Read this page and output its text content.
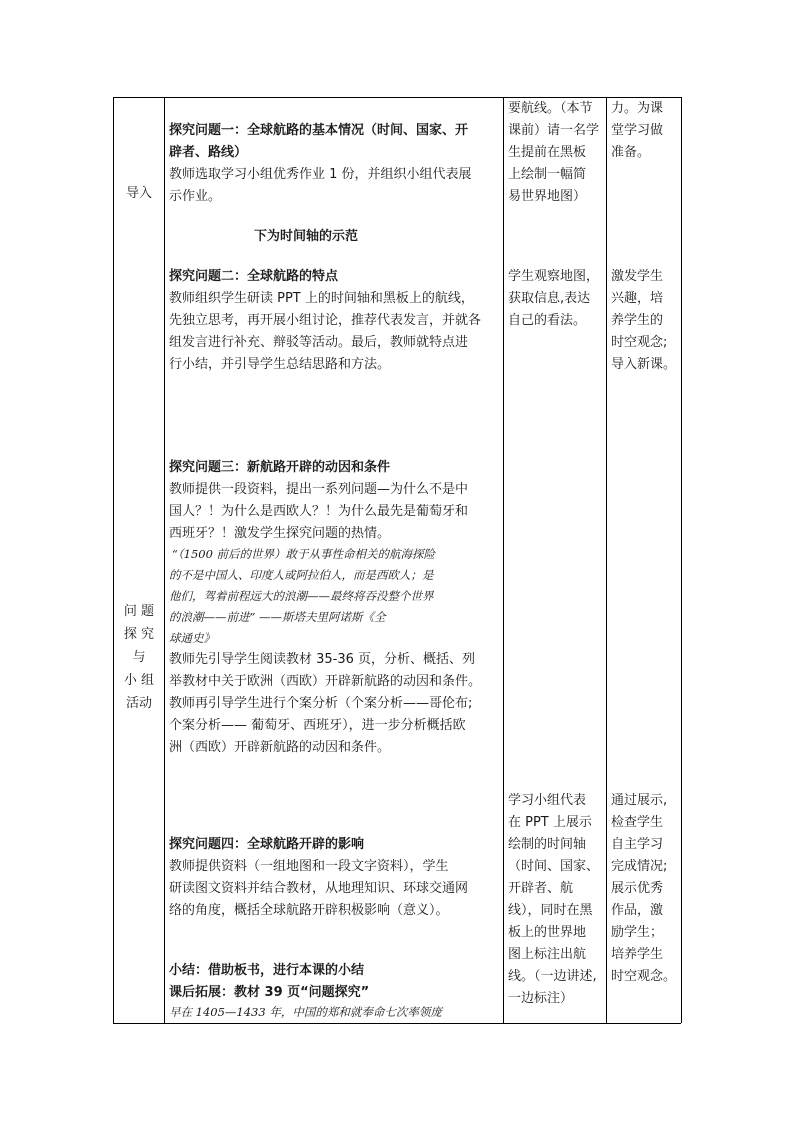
导入
问 题
探 究
与
小 组
活动
探究问题一：全球航路的基本情况（时间、国家、开
辟者、路线）
教师选取学习小组优秀作业 1 份，并组织小组代表展
示作业。
下为时间轴的示范
探究问题二：全球航路的特点
教师组织学生研读 PPT 上的时间轴和黑板上的航线，
先独立思考，再开展小组讨论，推荐代表发言，并就各
组发言进行补充、辩驳等活动。最后，教师就特点进
行小结，并引导学生总结思路和方法。
探究问题三：新航路开辟的动因和条件
教师提供一段资料，提出一系列问题—为什么不是中
国人？！为什么是西欧人？！为什么最先是葡萄牙和
西班牙？！激发学生探究问题的热情。
“（1500 前后的世界）敢于从事性命相关的航海探险
的不是中国人、印度人或阿拉伯人，而是西欧人；是
他们，驾着前程远大的浪潮——最终将吞没整个世界
的浪潮——前进” ——斯塔夫里阿诺斯《全
球通史》
教师先引导学生阅读教材 35-36 页，分析、概括、列
举教材中关于欧洲（西欧）开辟新航路的动因和条件。
教师再引导学生进行个案分析（个案分析——哥伦布;
个案分析—— 葡萄牙、西班牙），进一步分析概括欧
洲（西欧）开辟新航路的动因和条件。
探究问题四：全球航路开辟的影响
教师提供资料（一组地图和一段文字资料），学生
研读图文资料并结合教材，从地理知识、环球交通网
络的角度，概括全球航路开辟积极影响（意义）。
小结：借助板书，进行本课的小结
课后拓展：教材 39 页“问题探究”
早在 1405—1433 年，中国的郑和就奉命七次率领庞
要航线。（本节
课前）请一名学
生提前在黑板
上绘制一幅简
易世界地图）
学生观察地图，
获取信息,表达
自己的看法。
学习小组代表
在 PPT 上展示
绘制的时间轴
（时间、国家、
开辟者、航
线），同时在黑
板上的世界地
图上标注出航
线。（一边讲述,
一边标注）
力。为课
堂学习做
准备。
激发学生
兴趣，培
养学生的
时空观念;
导入新课。
通过展示,
检查学生
自主学习
完成情况;
展示优秀
作品，激
励学生；
培养学生
时空观念。
